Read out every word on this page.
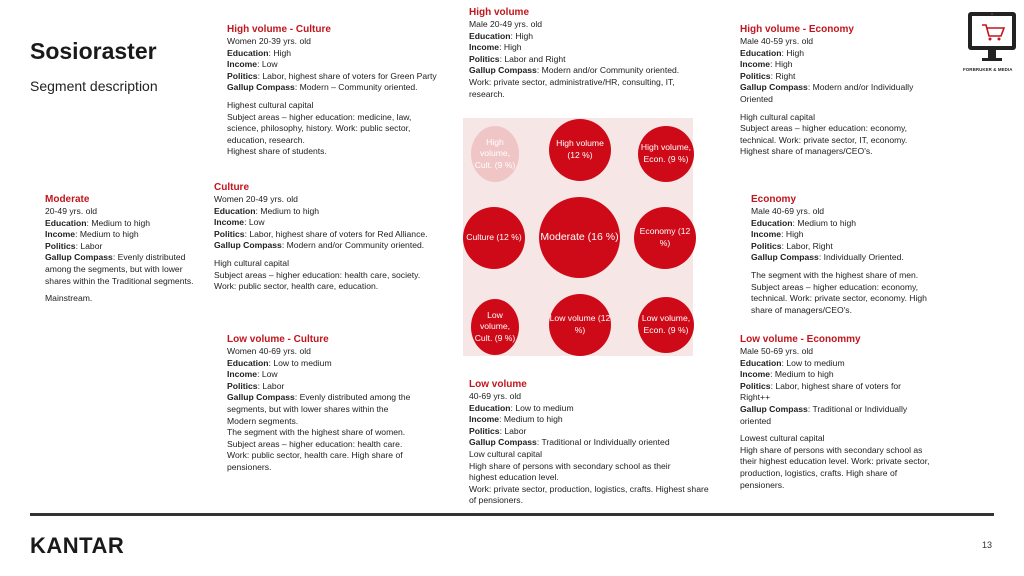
Sosioraster
Segment description
FORBRUKER & MEDIA
High volume - Culture
Women 20-39 yrs. old
Education: High
Income: Low
Politics: Labor, highest share of voters for Green Party
Gallup Compass: Modern – Community oriented.
Highest cultural capital
Subject areas – higher education: medicine, law, science, philosophy, history. Work: public sector, education, research.
Highest share of students.
High volume
Male 20-49 yrs. old
Education: High
Income: High
Politics: Labor and Right
Gallup Compass: Modern and/or Community oriented.
Work: private sector, administrative/HR, consulting, IT, research.
High volume - Economy
Male 40-59 yrs. old
Education: High
Income: High
Politics: Right
Gallup Compass: Modern and/or Individually Oriented
High cultural capital
Subject areas – higher education: economy, technical. Work: private sector, IT, economy. Highest share of managers/CEO's.
Moderate
20-49 yrs. old
Education: Medium to high
Income: Medium to high
Politics: Labor
Gallup Compass: Evenly distributed among the segments, but with lower shares within the Traditional segments.
Mainstream.
Culture
Women 20-49 yrs. old
Education: Medium to high
Income: Low
Politics: Labor, highest share of voters for Red Alliance.
Gallup Compass: Modern and/or Community oriented.
High cultural capital
Subject areas – higher education: health care, society. Work: public sector, health care, education.
Economy
Male 40-69 yrs. old
Education: Medium to high
Income: High
Politics: Labor, Right
Gallup Compass: Individually Oriented.
The segment with the highest share of men. Subject areas – higher education: economy, technical. Work: private sector, economy. High share of managers/CEO's.
Low volume - Culture
Women 40-69 yrs. old
Education: Low to medium
Income: Low
Politics: Labor
Gallup Compass: Evenly distributed among the segments, but with lower shares within the Modern segments.
The segment with the highest share of women. Subject areas – higher education: health care. Work: public sector, health care. High share of pensioners.
Low volume
40-69 yrs. old
Education: Low to medium
Income: Medium to high
Politics: Labor
Gallup Compass: Traditional or Individually oriented
Low cultural capital
High share of persons with secondary school as their highest education level.
Work: private sector, production, logistics, crafts. Highest share of pensioners.
Low volume - Econommy
Male 50-69 yrs. old
Education: Low to medium
Income: Medium to high
Politics: Labor, highest share of voters for Right++
Gallup Compass: Traditional or Individually oriented
Lowest cultural capital
High share of persons with secondary school as their highest education level. Work: private sector, production, logistics, crafts. High share of pensioners.
High volume, Cult. (9 %)
High volume (12 %)
High volume, Econ. (9 %)
Culture (12 %)	Moderate (16 %)	Economy (12 %)
Low volume, Cult. (9 %)
Low volume (12 %)
Low volume, Econ. (9 %)
KANTAR	13
